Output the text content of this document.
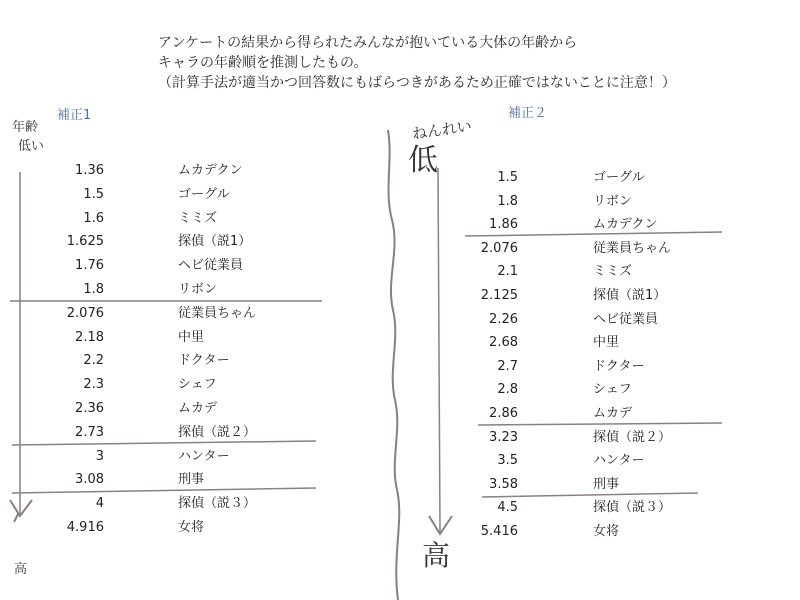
アンケートの結果から得られたみんなが抱いている大体の年齢から
キャラの年齢順を推測したもの。
（計算手法が適当かつ回答数にもばらつきがあるため正確ではないことに注意！）
補正1	補正２
年齢
低い
高
ねんれい
低
高
1.36	ムカデクン
1.5	ゴーグル
1.6	ミミズ
1.625	探偵（説1）
1.76	ヘビ従業員
1.8	リボン
2.076	従業員ちゃん
2.18	中里
2.2	ドクター
2.3	シェフ
2.36	ムカデ
2.73	探偵（説２）
3	ハンター
3.08	刑事
4	探偵（説３）
4.916	女将
1.5	ゴーグル
1.8	リボン
1.86	ムカデクン
2.076	従業員ちゃん
2.1	ミミズ
2.125	探偵（説1）
2.26	ヘビ従業員
2.68	中里
2.7	ドクター
2.8	シェフ
2.86	ムカデ
3.23	探偵（説２）
3.5	ハンター
3.58	刑事
4.5	探偵（説３）
5.416	女将
